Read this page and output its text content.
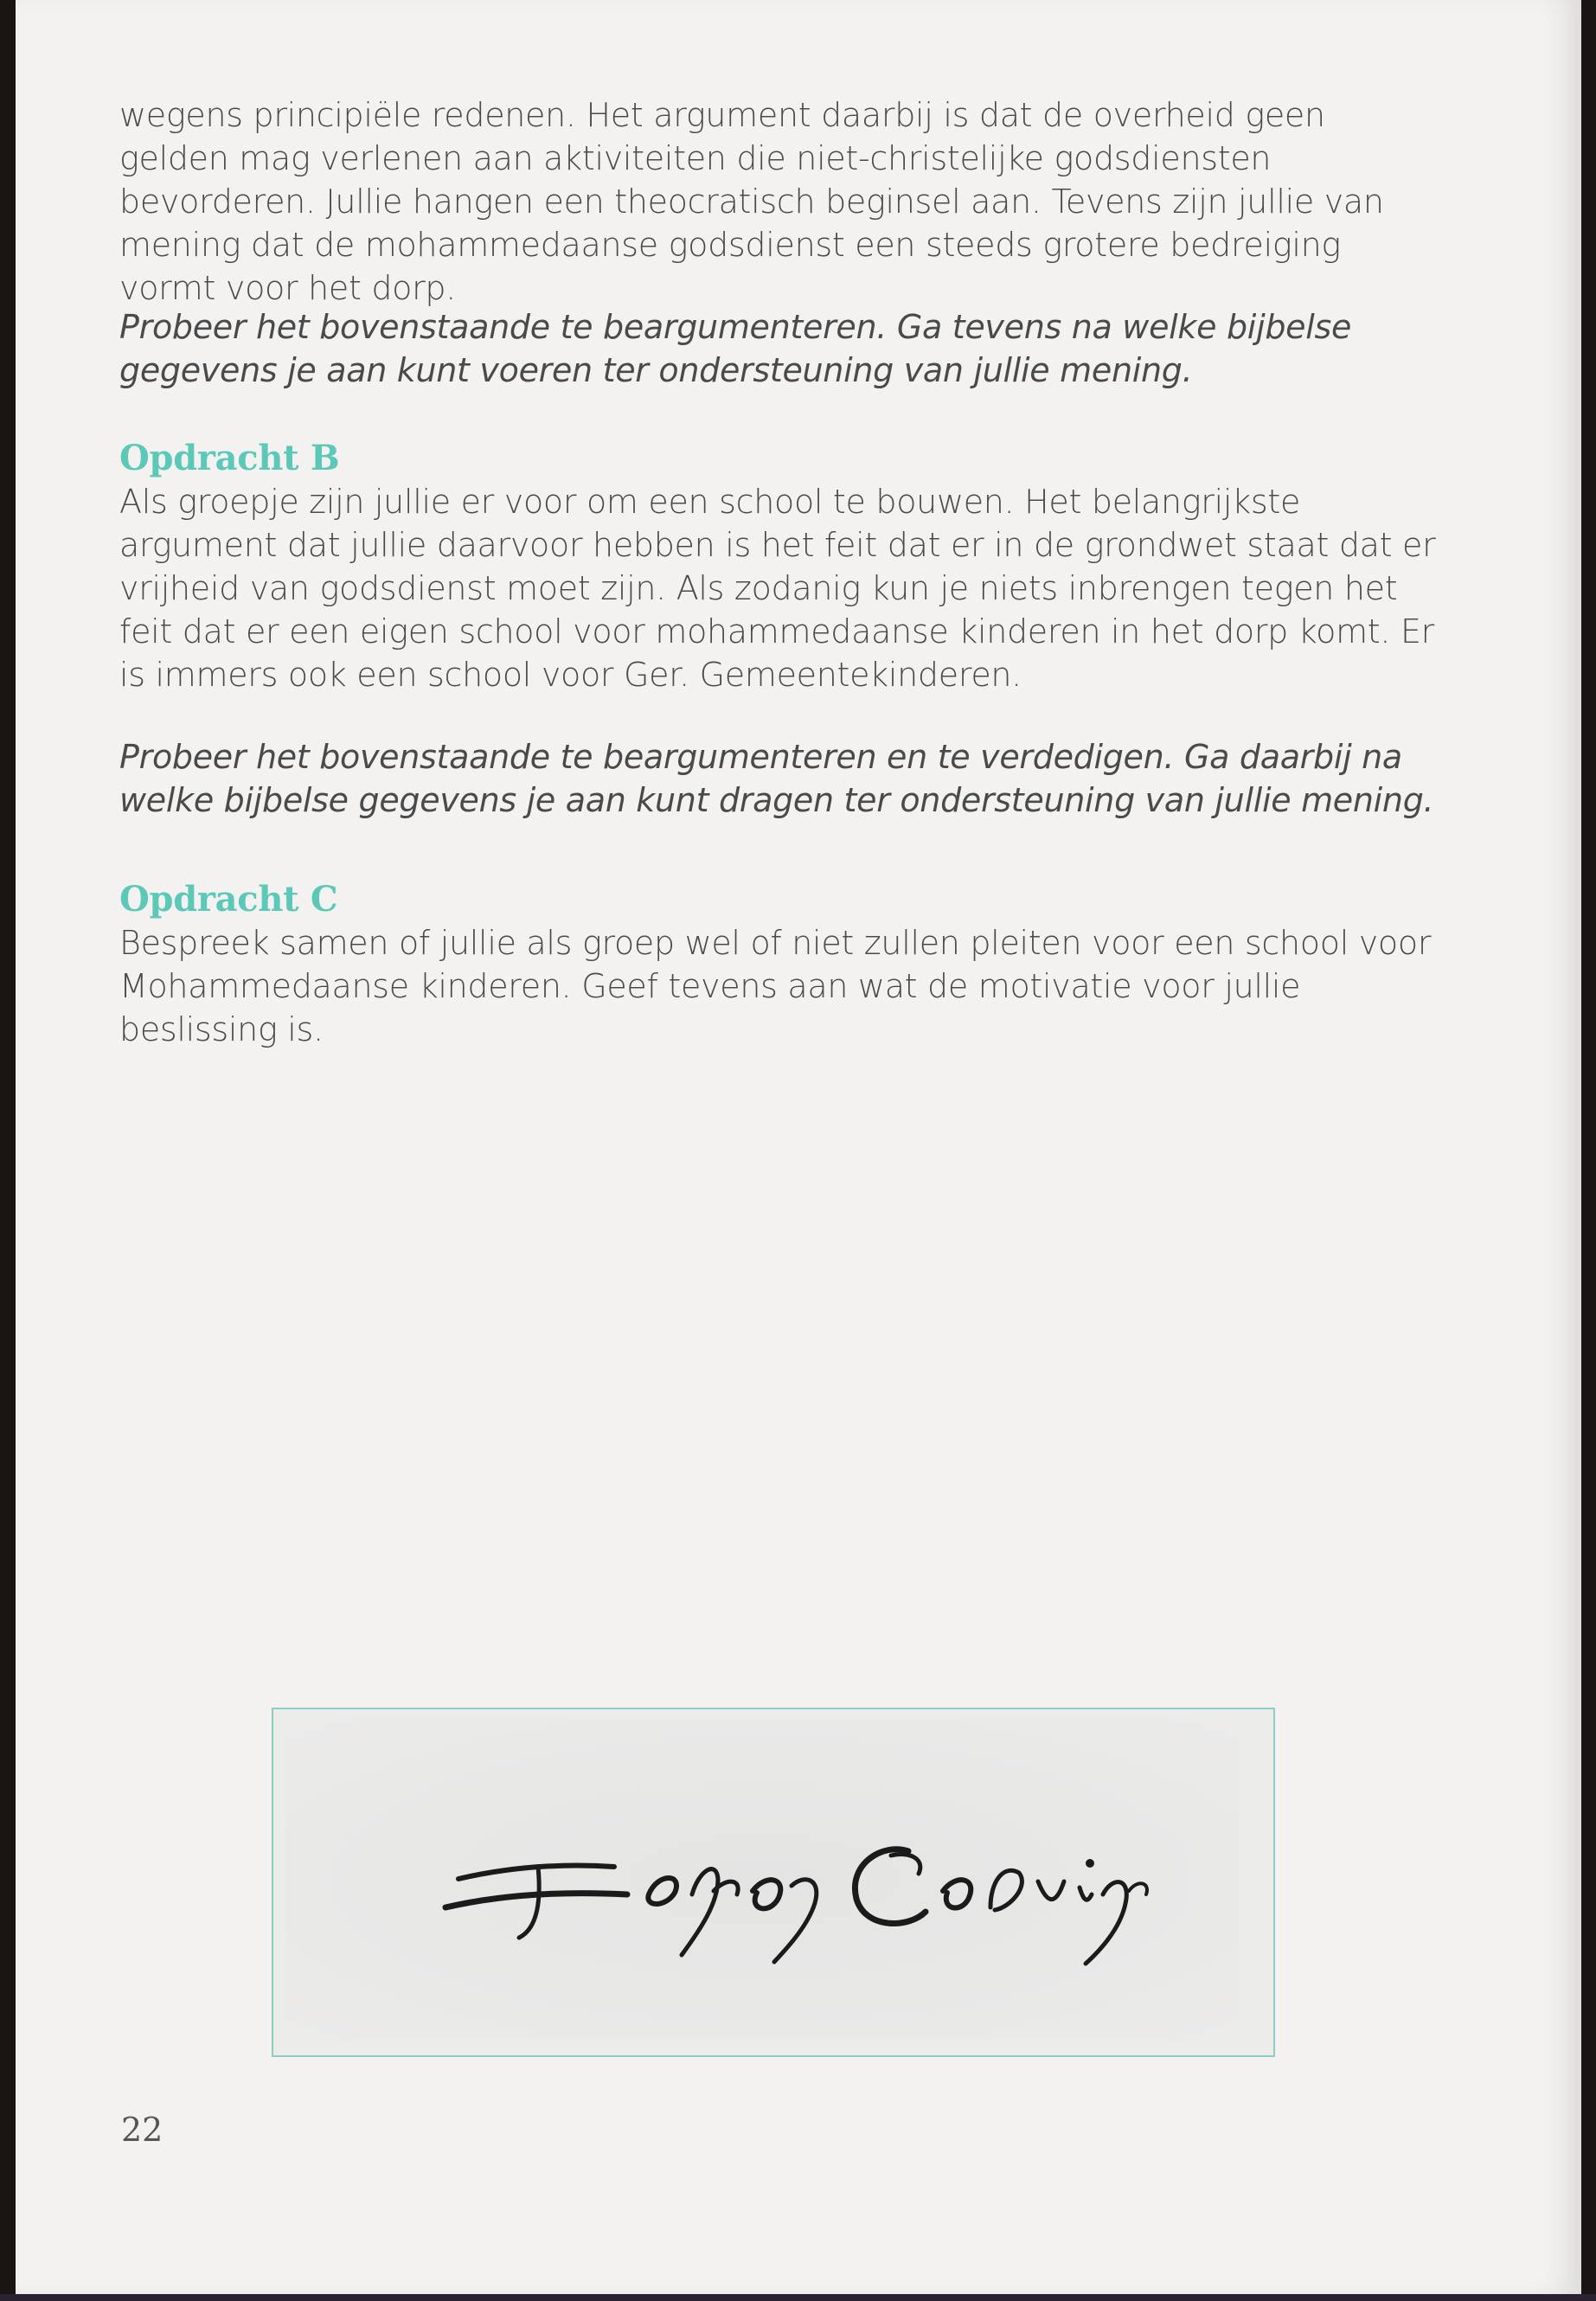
wegens principiële redenen. Het argument daarbij is dat de overheid geen gelden mag verlenen aan aktiviteiten die niet-christelijke godsdiensten bevorderen. Jullie hangen een theocratisch beginsel aan. Tevens zijn jullie van mening dat de mohammedaanse godsdienst een steeds grotere bedreiging vormt voor het dorp.

Probeer het bovenstaande te beargumenteren. Ga tevens na welke bijbelse gegevens je aan kunt voeren ter ondersteuning van jullie mening.

Opdracht B

Als groepje zijn jullie er voor om een school te bouwen. Het belangrijkste argument dat jullie daarvoor hebben is het feit dat er in de grondwet staat dat er vrijheid van godsdienst moet zijn. Als zodanig kun je niets inbrengen tegen het feit dat er een eigen school voor mohammedaanse kinderen in het dorp komt. Er is immers ook een school voor Ger. Gemeentekinderen.

Probeer het bovenstaande te beargumenteren en te verdedigen. Ga daarbij na welke bijbelse gegevens je aan kunt dragen ter ondersteuning van jullie mening.

Opdracht C

Bespreek samen of jullie als groep wel of niet zullen pleiten voor een school voor Mohammedaanse kinderen. Geef tevens aan wat de motivatie voor jullie beslissing is.

22
